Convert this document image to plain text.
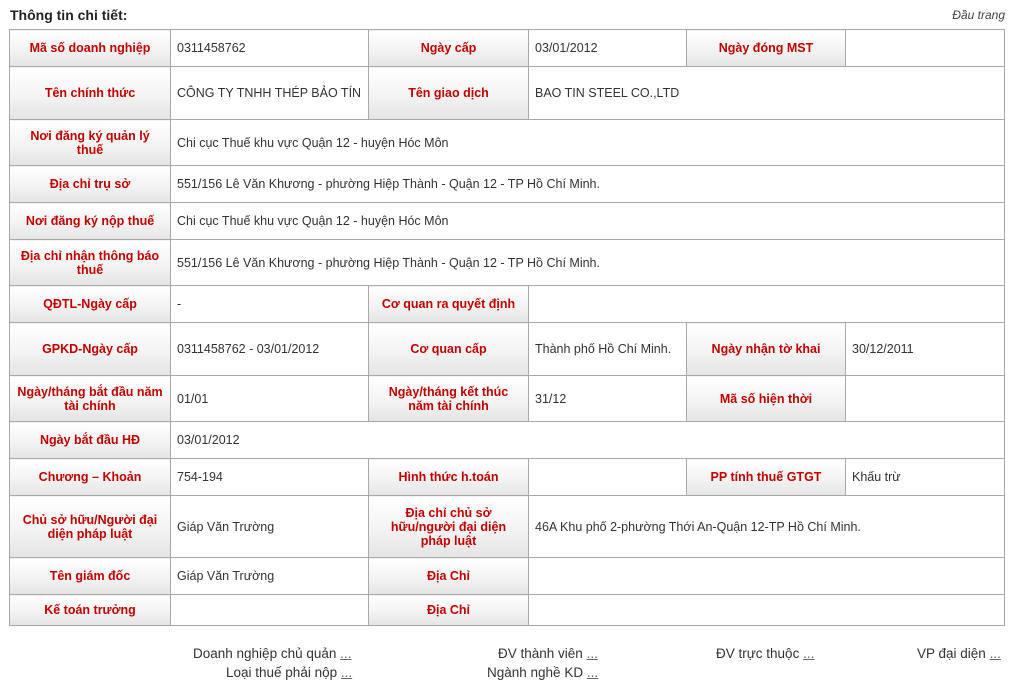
Thông tin chi tiết:	Đầu trang
Mã số doanh nghiệp	0311458762	Ngày cấp	03/01/2012	Ngày đóng MST	
Tên chính thức	CÔNG TY TNHH THÉP BẢO TÍN	Tên giao dịch	BAO TIN STEEL CO.,LTD		
Nơi đăng ký quản lý thuế	Chi cục Thuế khu vực Quận 12 - huyện Hóc Môn				
Địa chỉ trụ sở	551/156 Lê Văn Khương - phường Hiệp Thành - Quận 12 - TP Hồ Chí Minh.				
Nơi đăng ký nộp thuế	Chi cục Thuế khu vực Quận 12 - huyện Hóc Môn				
Địa chỉ nhận thông báo thuế	551/156 Lê Văn Khương - phường Hiệp Thành - Quận 12 - TP Hồ Chí Minh.				
QĐTL-Ngày cấp	-	Cơ quan ra quyết định			
GPKD-Ngày cấp	0311458762 - 03/01/2012	Cơ quan cấp	Thành phố Hồ Chí Minh.	Ngày nhận tờ khai	30/12/2011
Ngày/tháng bắt đầu năm tài chính	01/01	Ngày/tháng kết thúc năm tài chính	31/12	Mã số hiện thời	
Ngày bắt đầu HĐ	03/01/2012				
Chương – Khoản	754-194	Hình thức h.toán		PP tính thuế GTGT	Khấu trừ
Chủ sở hữu/Người đại diện pháp luật	Giáp Văn Trường	Địa chỉ chủ sở hữu/người đại diện pháp luật	46A Khu phố 2-phường Thới An-Quận 12-TP Hồ Chí Minh.		
Tên giám đốc	Giáp Văn Trường	Địa Chỉ			
Kế toán trưởng		Địa Chỉ			
Doanh nghiệp chủ quản ...	ĐV thành viên ...	ĐV trực thuộc ...	VP đại diện ...
Loại thuế phải nộp ...	Ngành nghề KD ...
